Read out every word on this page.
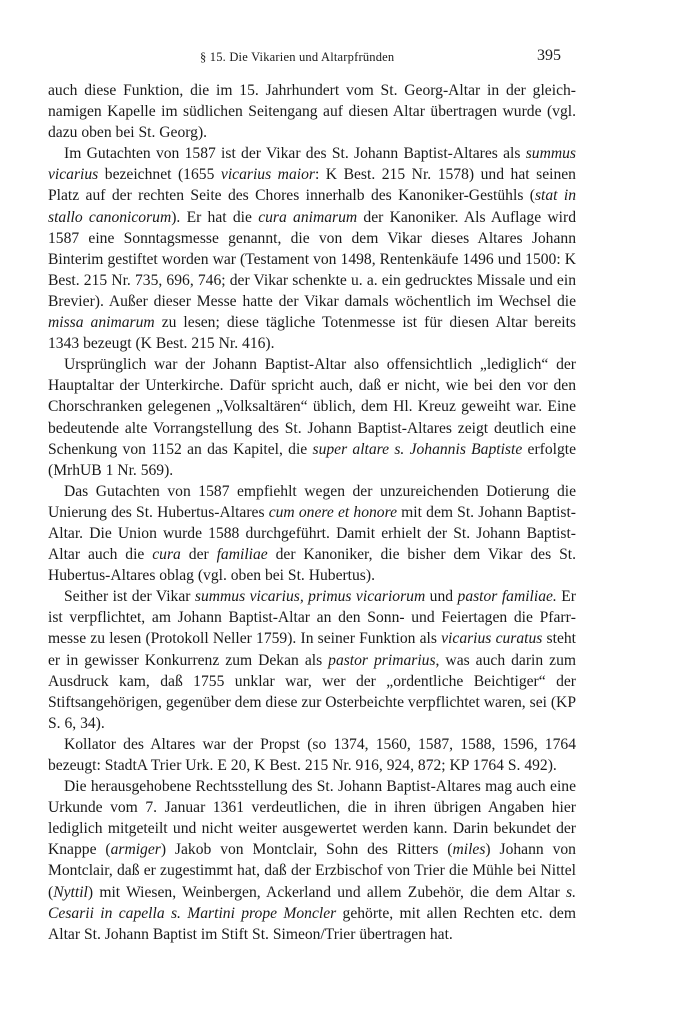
§ 15. Die Vikarien und Altarpfründen	395

auch diese Funktion, die im 15. Jahrhundert vom St. Georg-Altar in der gleichnamigen Kapelle im südlichen Seitengang auf diesen Altar übertragen wurde (vgl. dazu oben bei St. Georg).

Im Gutachten von 1587 ist der Vikar des St. Johann Baptist-Altares als summus vicarius bezeichnet (1655 vicarius maior: K Best. 215 Nr. 1578) und hat seinen Platz auf der rechten Seite des Chores innerhalb des Kanoniker-Gestühls (stat in stallo canonicorum). Er hat die cura animarum der Kanoniker. Als Auflage wird 1587 eine Sonntagsmesse genannt, die von dem Vikar dieses Altares Johann Binterim gestiftet worden war (Testament von 1498, Rentenkäufe 1496 und 1500: K Best. 215 Nr. 735, 696, 746; der Vikar schenkte u. a. ein gedrucktes Missale und ein Brevier). Außer dieser Messe hatte der Vikar damals wöchentlich im Wechsel die missa animarum zu lesen; diese tägliche Totenmesse ist für diesen Altar bereits 1343 bezeugt (K Best. 215 Nr. 416).

Ursprünglich war der Johann Baptist-Altar also offensichtlich „lediglich“ der Hauptaltar der Unterkirche. Dafür spricht auch, daß er nicht, wie bei den vor den Chorschranken gelegenen „Volksaltären“ üblich, dem Hl. Kreuz geweiht war. Eine bedeutende alte Vorrangstellung des St. Johann Baptist-Altares zeigt deutlich eine Schenkung von 1152 an das Kapitel, die super altare s. Johannis Baptiste erfolgte (MrhUB 1 Nr. 569).

Das Gutachten von 1587 empfiehlt wegen der unzureichenden Dotierung die Unierung des St. Hubertus-Altares cum onere et honore mit dem St. Johann Baptist-Altar. Die Union wurde 1588 durchgeführt. Damit erhielt der St. Johann Baptist-Altar auch die cura der familiae der Kanoniker, die bisher dem Vikar des St. Hubertus-Altares oblag (vgl. oben bei St. Hubertus).

Seither ist der Vikar summus vicarius, primus vicariorum und pastor familiae. Er ist verpflichtet, am Johann Baptist-Altar an den Sonn- und Feiertagen die Pfarrmesse zu lesen (Protokoll Neller 1759). In seiner Funktion als vicarius curatus steht er in gewisser Konkurrenz zum Dekan als pastor primarius, was auch darin zum Ausdruck kam, daß 1755 unklar war, wer der „ordentliche Beichtiger“ der Stiftsangehörigen, gegenüber dem diese zur Osterbeichte verpflichtet waren, sei (KP S. 6, 34).

Kollator des Altares war der Propst (so 1374, 1560, 1587, 1588, 1596, 1764 bezeugt: StadtA Trier Urk. E 20, K Best. 215 Nr. 916, 924, 872; KP 1764 S. 492).

Die herausgehobene Rechtsstellung des St. Johann Baptist-Altares mag auch eine Urkunde vom 7. Januar 1361 verdeutlichen, die in ihren übrigen Angaben hier lediglich mitgeteilt und nicht weiter ausgewertet werden kann. Darin bekundet der Knappe (armiger) Jakob von Montclair, Sohn des Ritters (miles) Johann von Montclair, daß er zugestimmt hat, daß der Erzbischof von Trier die Mühle bei Nittel (Nyttil) mit Wiesen, Weinbergen, Ackerland und allem Zubehör, die dem Altar s. Cesarii in capella s. Martini prope Moncler gehörte, mit allen Rechten etc. dem Altar St. Johann Baptist im Stift St. Simeon/Trier übertragen hat.
